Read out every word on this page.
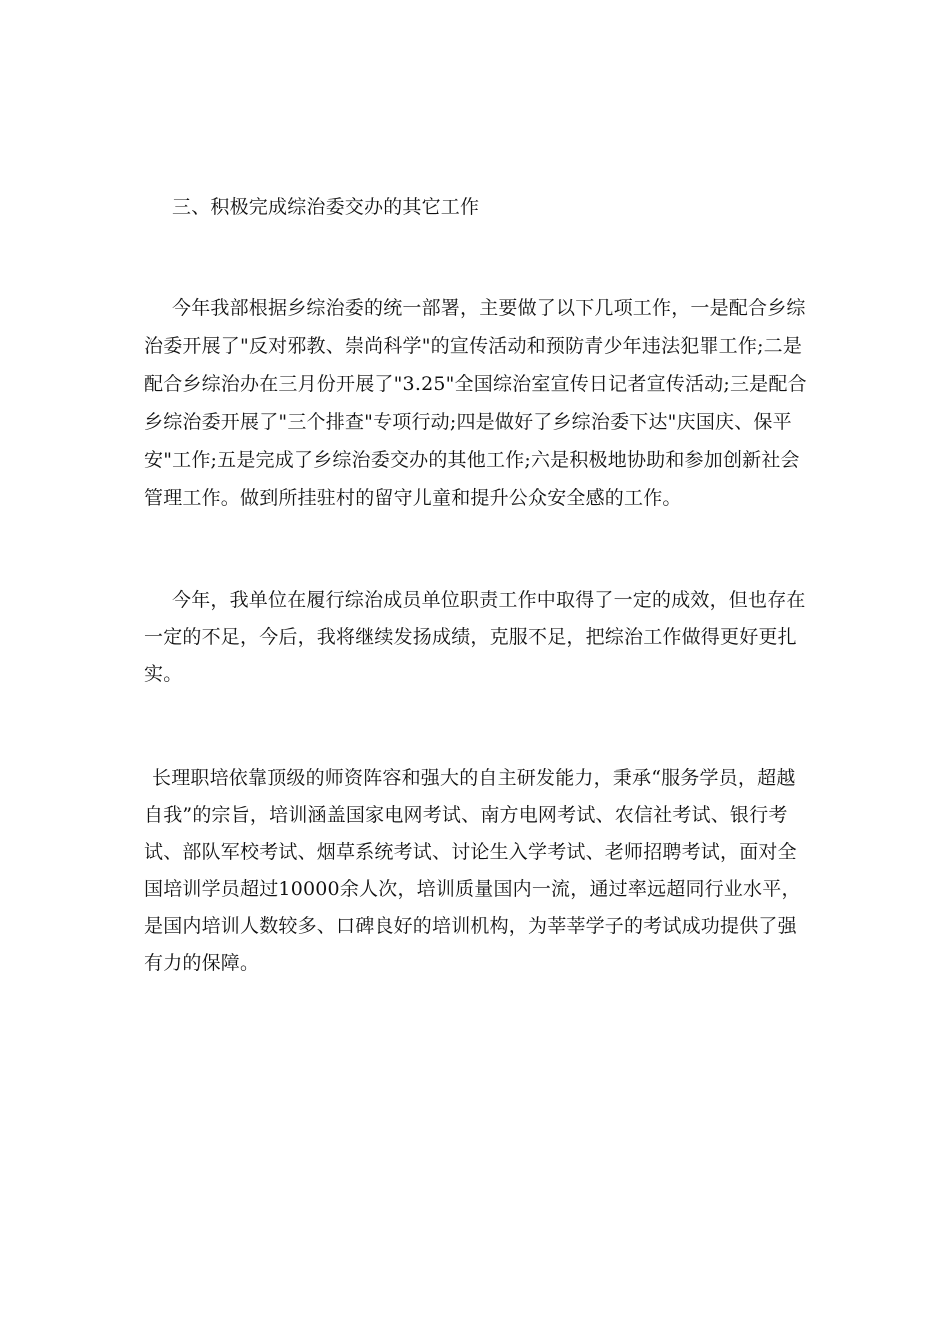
三、积极完成综治委交办的其它工作

今年我部根据乡综治委的统一部署，主要做了以下几项工作，一是配合乡综

治委开展了"反对邪教、崇尚科学"的宣传活动和预防青少年违法犯罪工作;二是

配合乡综治办在三月份开展了"3.25"全国综治室宣传日记者宣传活动;三是配合

乡综治委开展了"三个排查"专项行动;四是做好了乡综治委下达"庆国庆、保平

安"工作;五是完成了乡综治委交办的其他工作;六是积极地协助和参加创新社会

管理工作。做到所挂驻村的留守儿童和提升公众安全感的工作。

今年，我单位在履行综治成员单位职责工作中取得了一定的成效，但也存在

一定的不足，今后，我将继续发扬成绩，克服不足，把综治工作做得更好更扎

实。

长理职培依靠顶级的师资阵容和强大的自主研发能力，秉承“服务学员，超越

自我”的宗旨，培训涵盖国家电网考试、南方电网考试、农信社考试、银行考

试、部队军校考试、烟草系统考试、讨论生入学考试、老师招聘考试，面对全

国培训学员超过10000余人次，培训质量国内一流，通过率远超同行业水平，

是国内培训人数较多、口碑良好的培训机构，为莘莘学子的考试成功提供了强

有力的保障。
